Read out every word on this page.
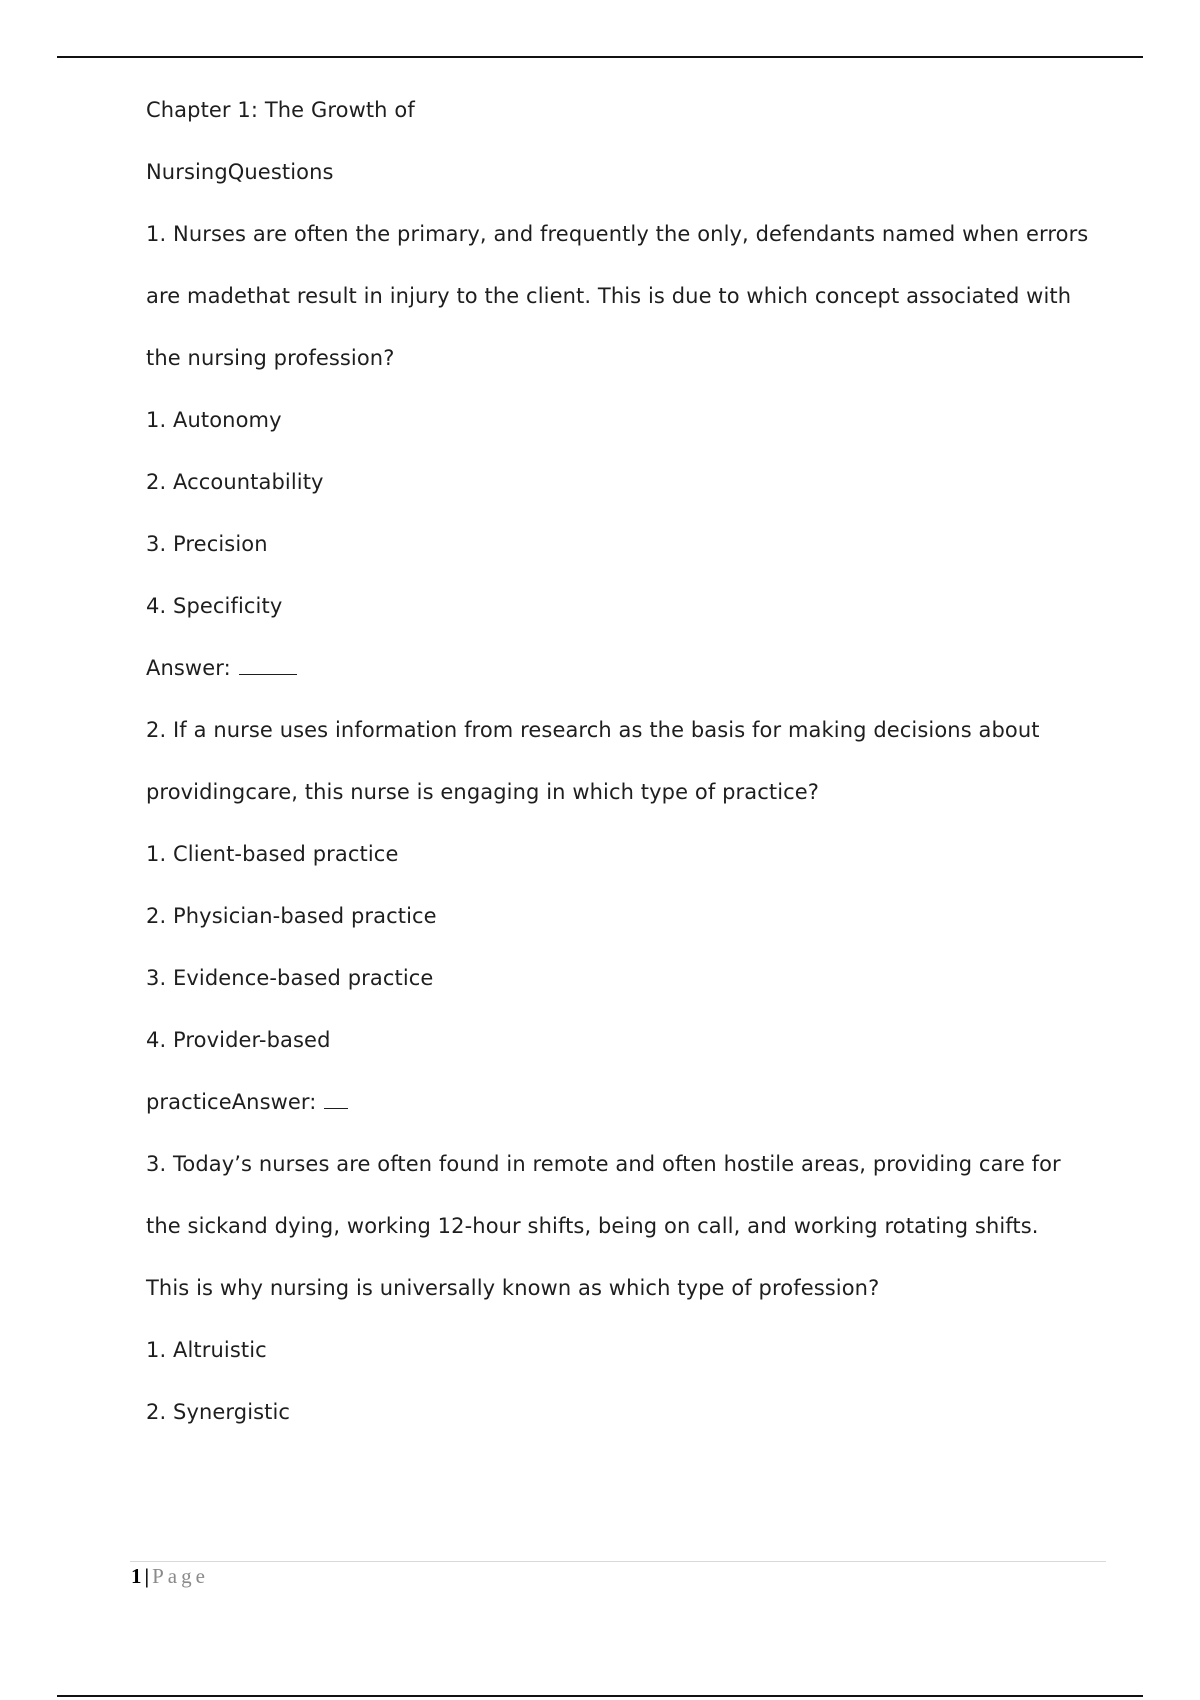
Chapter 1: The Growth of
NursingQuestions
1. Nurses are often the primary, and frequently the only, defendants named when errors
are madethat result in injury to the client. This is due to which concept associated with
the nursing profession?
1. Autonomy
2. Accountability
3. Precision
4. Specificity
Answer:
2. If a nurse uses information from research as the basis for making decisions about
providingcare, this nurse is engaging in which type of practice?
1. Client-based practice
2. Physician-based practice
3. Evidence-based practice
4. Provider-based
practiceAnswer:
3. Today’s nurses are often found in remote and often hostile areas, providing care for
the sickand dying, working 12-hour shifts, being on call, and working rotating shifts.
This is why nursing is universally known as which type of profession?
1. Altruistic
2. Synergistic
1 | Page
